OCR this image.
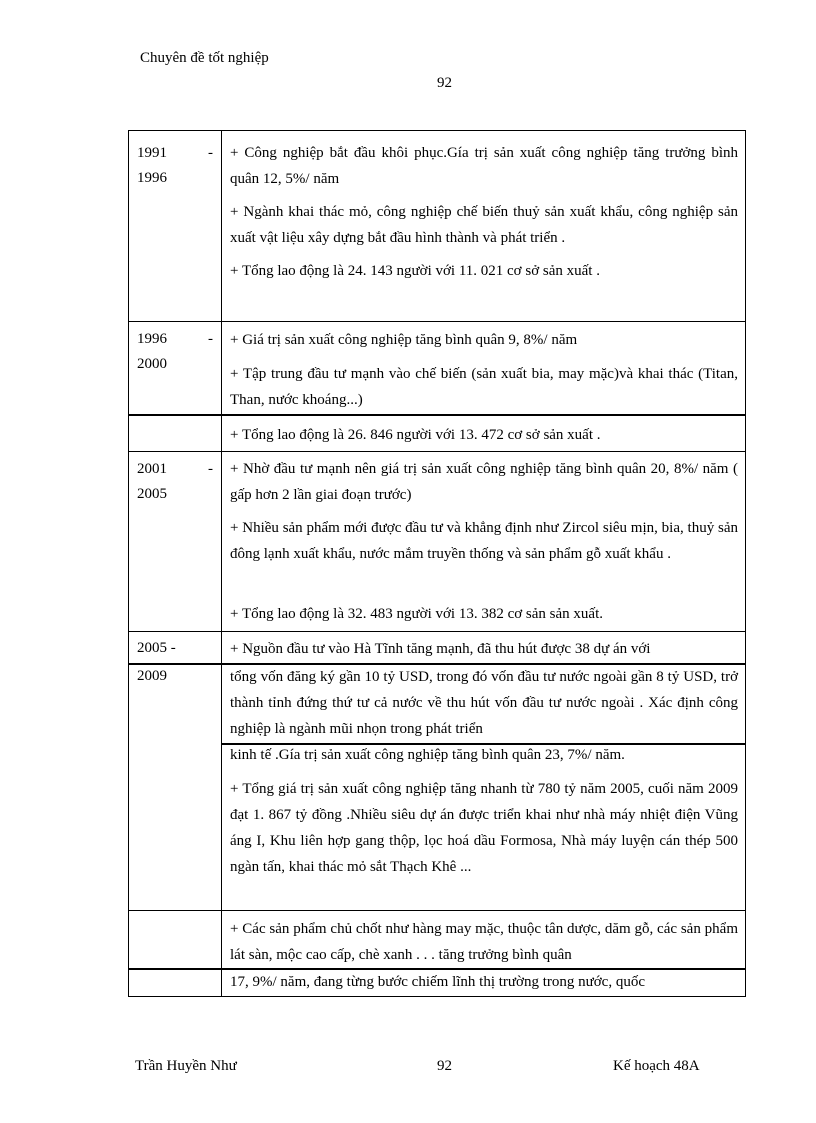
Chuyên đề tốt nghiệp
92
1991	-
1996

+ Công nghiệp bắt đầu khôi phục.Gía trị sản xuất công nghiệp tăng trưởng bình quân 12, 5%/ năm

+ Ngành khai thác mỏ, công nghiệp chế biến thuỷ sản xuất khẩu, công nghiệp sản xuất vật liệu xây dựng bắt đầu hình thành và phát triển .

+ Tổng lao động là 24. 143 người với 11. 021 cơ sở sản xuất .

1996	-
2000

+ Giá trị sản xuất công nghiệp tăng bình quân 9, 8%/ năm

+ Tập trung đầu tư mạnh vào chế biến (sản xuất bia, may mặc)và khai thác (Titan, Than, nước khoáng...)

+ Tổng lao động là 26. 846 người với 13. 472 cơ sở sản xuất .

2001	-
2005

+ Nhờ đầu tư mạnh nên giá trị sản xuất công nghiệp tăng bình quân 20, 8%/ năm ( gấp hơn 2 lần giai đoạn trước)

+ Nhiều sản phẩm mới được đầu tư và khẳng định như Zircol siêu mịn, bia, thuỷ sản đông lạnh xuất khẩu, nước mắm truyền thống và sản phẩm gỗ xuất khẩu .

+ Tổng lao động là 32. 483 người với 13. 382 cơ sản sản xuất.

2005 -	+ Nguồn đầu tư vào Hà Tĩnh tăng mạnh, đã thu hút được 38 dự án với

2009	tổng vốn đăng ký gần 10 tỷ USD, trong đó vốn đầu tư nước ngoài gần 8 tỷ USD, trở thành tỉnh đứng thứ tư cả nước về thu hút vốn đầu tư nước ngoài . Xác định công nghiệp là ngành mũi nhọn trong phát triển

kinh tế .Gía trị sản xuất công nghiệp tăng bình quân 23, 7%/ năm.

+ Tổng giá trị sản xuất công nghiệp tăng nhanh từ 780 tỷ năm 2005, cuối năm 2009 đạt 1. 867 tỷ đồng .Nhiều siêu dự án được triển khai như nhà máy nhiệt điện Vũng áng I, Khu liên hợp gang thộp, lọc hoá dầu Formosa, Nhà máy luyện cán thép 500 ngàn tấn, khai thác mỏ sắt Thạch Khê ...

+ Các sản phẩm chủ chốt như hàng may mặc, thuộc tân dược, dăm gỗ, các sản phẩm lát sàn, mộc cao cấp, chè xanh . . . tăng trưởng bình quân

17, 9%/ năm, đang từng bước chiếm lĩnh thị trường trong nước, quốc

Trần Huyền Như	92	Kế hoạch 48A
